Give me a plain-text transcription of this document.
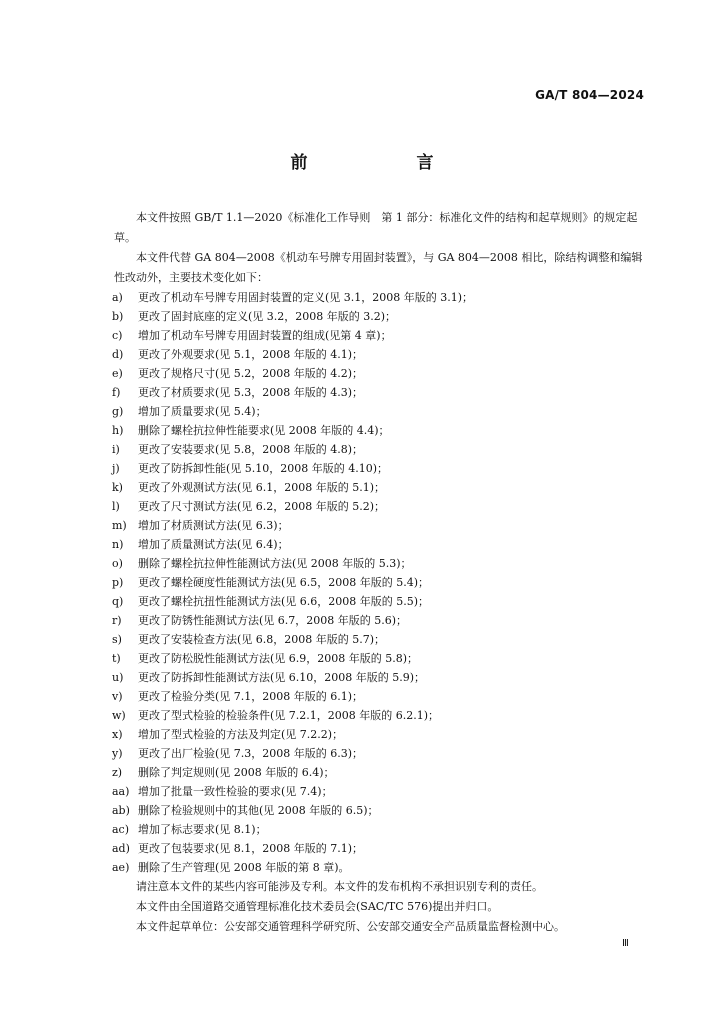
GA/T 804—2024
前　言

本文件按照 GB/T 1.1—2020《标准化工作导则　第 1 部分：标准化文件的结构和起草规则》的规定起草。

本文件代替 GA 804—2008《机动车号牌专用固封装置》，与 GA 804—2008 相比，除结构调整和编辑性改动外，主要技术变化如下：

a)	更改了机动车号牌专用固封装置的定义(见 3.1，2008 年版的 3.1)；
b)	更改了固封底座的定义(见 3.2，2008 年版的 3.2)；
c)	增加了机动车号牌专用固封装置的组成(见第 4 章)；
d)	更改了外观要求(见 5.1，2008 年版的 4.1)；
e)	更改了规格尺寸(见 5.2，2008 年版的 4.2)；
f)	更改了材质要求(见 5.3，2008 年版的 4.3)；
g)	增加了质量要求(见 5.4)；
h)	删除了螺栓抗拉伸性能要求(见 2008 年版的 4.4)；
i)	更改了安装要求(见 5.8，2008 年版的 4.8)；
j)	更改了防拆卸性能(见 5.10，2008 年版的 4.10)；
k)	更改了外观测试方法(见 6.1，2008 年版的 5.1)；
l)	更改了尺寸测试方法(见 6.2，2008 年版的 5.2)；
m)	增加了材质测试方法(见 6.3)；
n)	增加了质量测试方法(见 6.4)；
o)	删除了螺栓抗拉伸性能测试方法(见 2008 年版的 5.3)；
p)	更改了螺栓硬度性能测试方法(见 6.5，2008 年版的 5.4)；
q)	更改了螺栓抗扭性能测试方法(见 6.6，2008 年版的 5.5)；
r)	更改了防锈性能测试方法(见 6.7，2008 年版的 5.6)；
s)	更改了安装检查方法(见 6.8，2008 年版的 5.7)；
t)	更改了防松脱性能测试方法(见 6.9，2008 年版的 5.8)；
u)	更改了防拆卸性能测试方法(见 6.10，2008 年版的 5.9)；
v)	更改了检验分类(见 7.1，2008 年版的 6.1)；
w)	更改了型式检验的检验条件(见 7.2.1，2008 年版的 6.2.1)；
x)	增加了型式检验的方法及判定(见 7.2.2)；
y)	更改了出厂检验(见 7.3，2008 年版的 6.3)；
z)	删除了判定规则(见 2008 年版的 6.4)；
aa) 增加了批量一致性检验的要求(见 7.4)；
ab) 删除了检验规则中的其他(见 2008 年版的 6.5)；
ac) 增加了标志要求(见 8.1)；
ad) 更改了包装要求(见 8.1，2008 年版的 7.1)；
ae) 删除了生产管理(见 2008 年版的第 8 章)。

请注意本文件的某些内容可能涉及专利。本文件的发布机构不承担识别专利的责任。

本文件由全国道路交通管理标准化技术委员会(SAC/TC 576)提出并归口。

本文件起草单位：公安部交通管理科学研究所、公安部交通安全产品质量监督检测中心。

Ⅲ
